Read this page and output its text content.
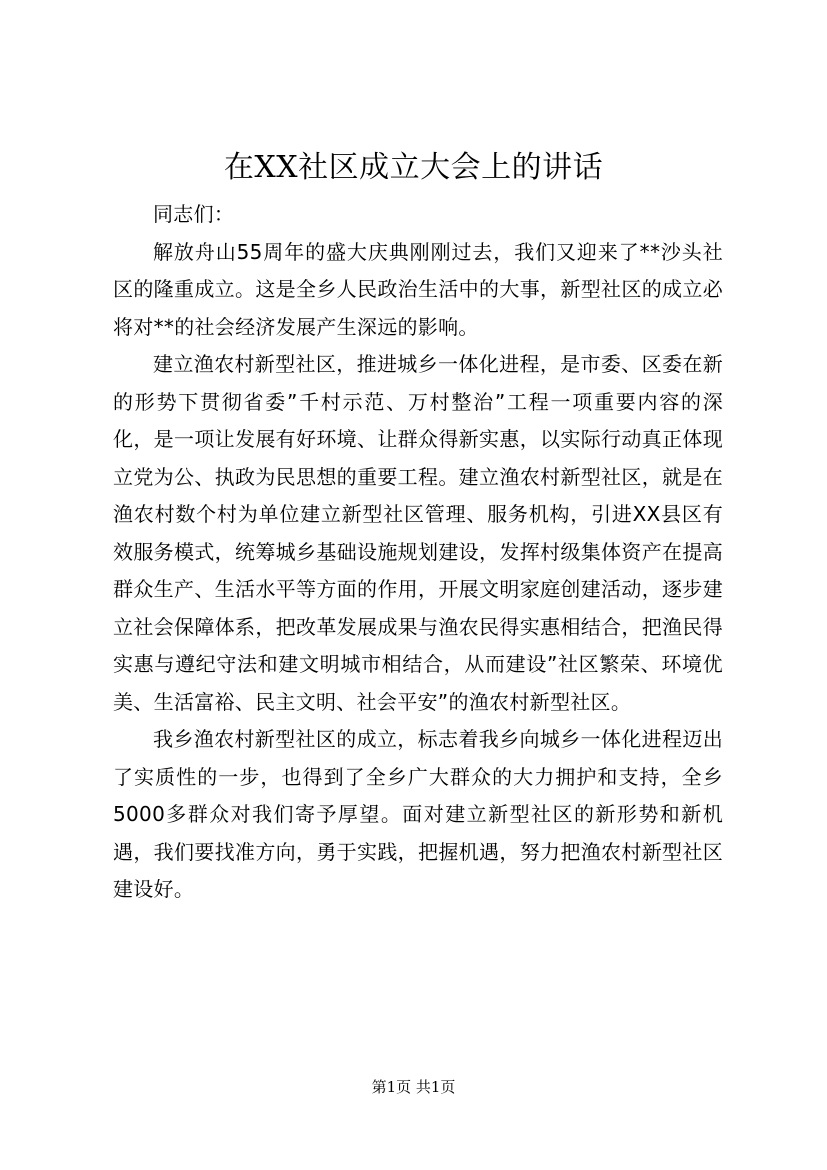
在XX社区成立大会上的讲话

同志们：

解放舟山55周年的盛大庆典刚刚过去，我们又迎来了**沙头社区的隆重成立。这是全乡人民政治生活中的大事，新型社区的成立必将对**的社会经济发展产生深远的影响。

建立渔农村新型社区，推进城乡一体化进程，是市委、区委在新的形势下贯彻省委”千村示范、万村整治”工程一项重要内容的深化，是一项让发展有好环境、让群众得新实惠，以实际行动真正体现立党为公、执政为民思想的重要工程。建立渔农村新型社区，就是在渔农村数个村为单位建立新型社区管理、服务机构，引进XX县区有效服务模式，统筹城乡基础设施规划建设，发挥村级集体资产在提高群众生产、生活水平等方面的作用，开展文明家庭创建活动，逐步建立社会保障体系，把改革发展成果与渔农民得实惠相结合，把渔民得实惠与遵纪守法和建文明城市相结合，从而建设”社区繁荣、环境优美、生活富裕、民主文明、社会平安”的渔农村新型社区。

我乡渔农村新型社区的成立，标志着我乡向城乡一体化进程迈出了实质性的一步，也得到了全乡广大群众的大力拥护和支持，全乡5000多群众对我们寄予厚望。面对建立新型社区的新形势和新机遇，我们要找准方向，勇于实践，把握机遇，努力把渔农村新型社区建设好。

第1页 共1页
